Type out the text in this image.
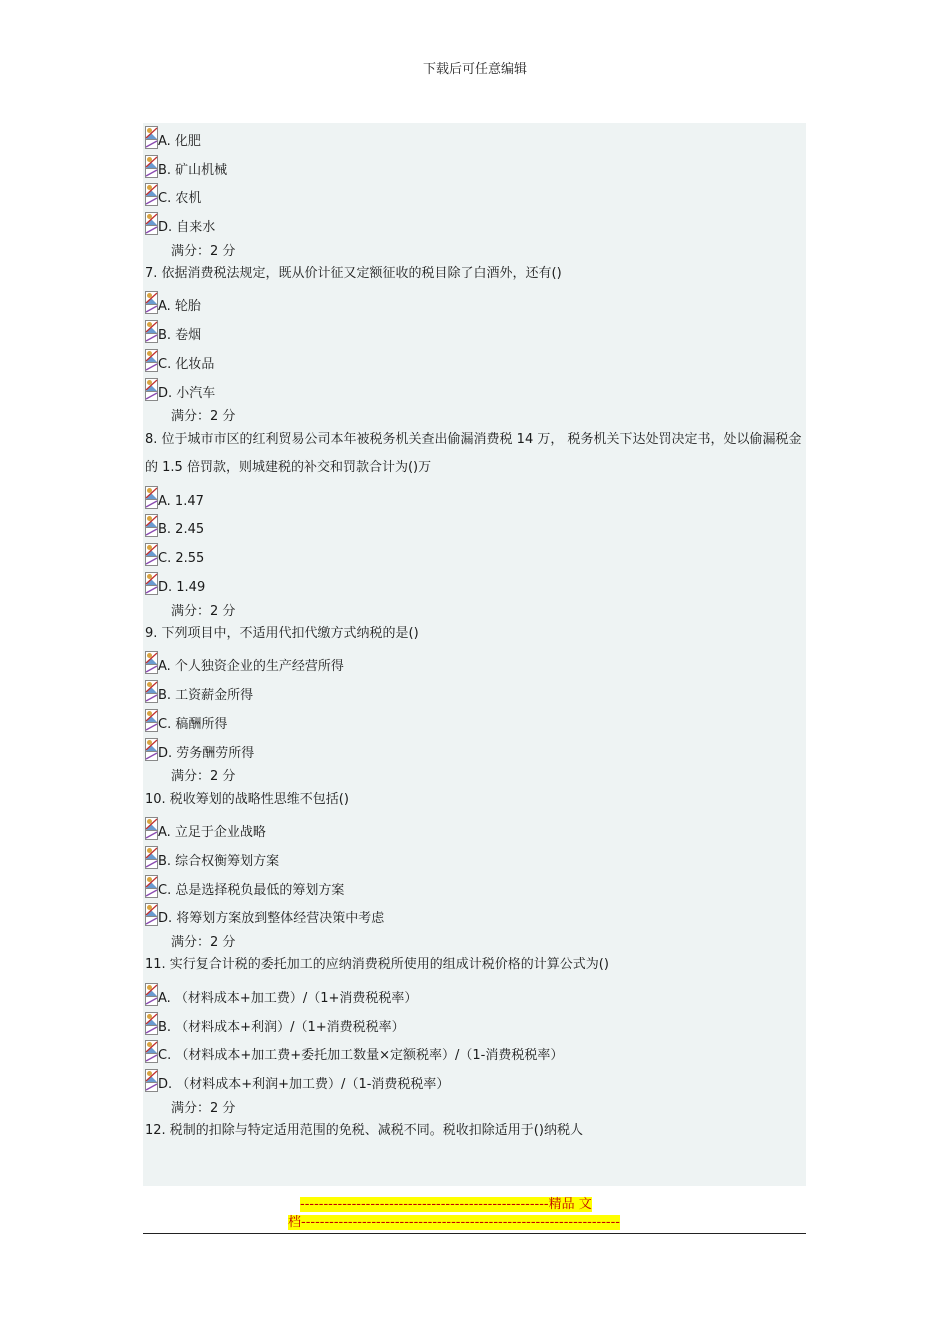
下载后可任意编辑
A. 化肥
B. 矿山机械
C. 农机
D. 自来水
满分：2 分
7. 依据消费税法规定，既从价计征又定额征收的税目除了白酒外，还有()
A. 轮胎
B. 卷烟
C. 化妆品
D. 小汽车
满分：2 分
8. 位于城市市区的红利贸易公司本年被税务机关查出偷漏消费税 14 万， 税务机关下达处罚决定书，处以偷漏税金的 1.5 倍罚款，则城建税的补交和罚款合计为()万
A. 1.47
B. 2.45
C. 2.55
D. 1.49
满分：2 分
9. 下列项目中，不适用代扣代缴方式纳税的是()
A. 个人独资企业的生产经营所得
B. 工资薪金所得
C. 稿酬所得
D. 劳务酬劳所得
满分：2 分
10. 税收筹划的战略性思维不包括()
A. 立足于企业战略
B. 综合权衡筹划方案
C. 总是选择税负最低的筹划方案
D. 将筹划方案放到整体经营决策中考虑
满分：2 分
11. 实行复合计税的委托加工的应纳消费税所使用的组成计税价格的计算公式为()
A. （材料成本+加工费）/（1+消费税税率）
B. （材料成本+利润）/（1+消费税税率）
C. （材料成本+加工费+委托加工数量×定额税率）/（1-消费税税率）
D. （材料成本+利润+加工费）/（1-消费税税率）
满分：2 分
12. 税制的扣除与特定适用范围的免税、减税不同。税收扣除适用于()纳税人
-----------------------------------------------------精品 文
档--------------------------------------------------------------------
